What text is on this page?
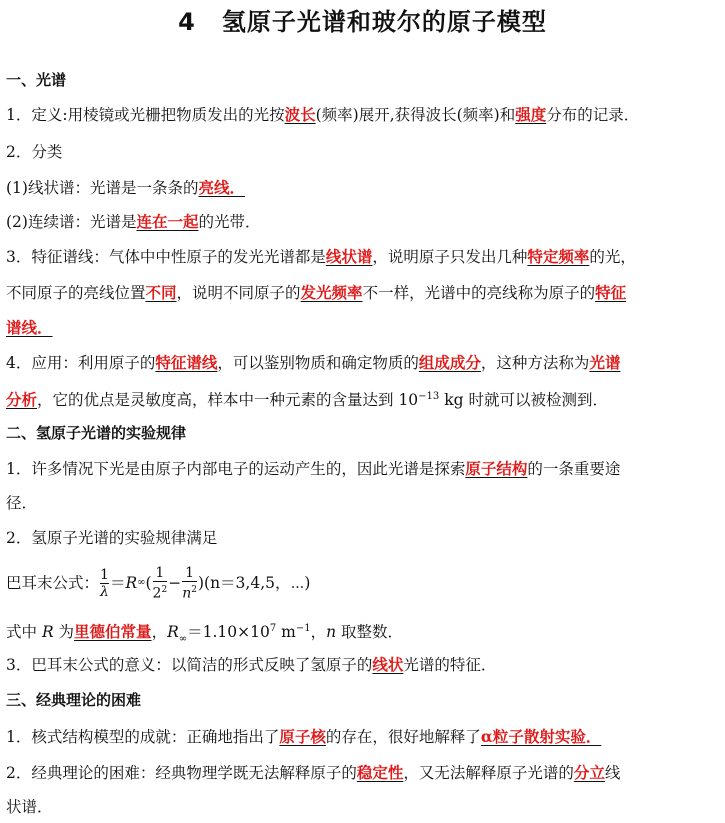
4 氢原子光谱和玻尔的原子模型
一、光谱
1．定义:用棱镜或光栅把物质发出的光按波长(频率)展开,获得波长(频率)和强度分布的记录．
2．分类
(1)线状谱：光谱是一条条的亮线．
(2)连续谱：光谱是连在一起的光带．
3．特征谱线：气体中中性原子的发光光谱都是线状谱，说明原子只发出几种特定频率的光，
不同原子的亮线位置不同，说明不同原子的发光频率不一样，光谱中的亮线称为原子的特征
谱线．
4．应用：利用原子的特征谱线，可以鉴别物质和确定物质的组成成分，这种方法称为光谱
分析，它的优点是灵敏度高，样本中一种元素的含量达到 $10^{-13}$ kg 时就可以被检测到．
二、氢原子光谱的实验规律
1．许多情况下光是由原子内部电子的运动产生的，因此光谱是探索原子结构的一条重要途
径．
2．氢原子光谱的实验规律满足
巴耳末公式： $\frac{1}{\lambda} = R$ ∞ ( $\frac{1}{2^2} - \frac{1}{n^2}$ ) (n＝3,4,5，⋯)
式中 R 为里德伯常量，$R_\infty=1.10\times 10^7$ $m^{-1}$，n 取整数．
3．巴耳末公式的意义：以简洁的形式反映了氢原子的线状光谱的特征．
三、经典理论的困难
1．核式结构模型的成就：正确地指出了原子核的存在，很好地解释了α粒子散射实验．
2．经典理论的困难：经典物理学既无法解释原子的稳定性，又无法解释原子光谱的分立线
状谱．
